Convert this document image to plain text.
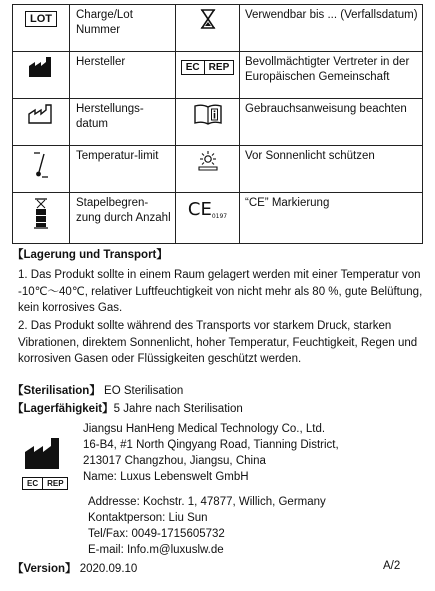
LOT	Charge/Lot Nummer		Verwendbar bis ... (Verfallsdatum)

	Hersteller	EC REP	Bevollmächtigter Vertreter in der Europäischen Gemeinschaft

	Herstellungs-datum		Gebrauchsanweisung beachten

	Temperatur-limit		Vor Sonnenlicht schützen

	Stapelbegren-zung durch Anzahl	CE0197	“CE” Markierung
【Lagerung und Transport】
1. Das Produkt sollte in einem Raum gelagert werden mit einer Temperatur von -10℃～40℃, relativer Luftfeuchtigkeit von nicht mehr als 80 %, gute Belüftung, kein korrosives Gas.
2. Das Produkt sollte während des Transports vor starkem Druck, starken Vibrationen, direktem Sonnenlicht, hoher Temperatur, Feuchtigkeit, Regen und korrosiven Gasen oder Flüssigkeiten geschützt werden.
【Sterilisation】 EO Sterilisation
【Lagerfähigkeit】5 Jahre nach Sterilisation
EC	REP
Jiangsu HanHeng Medical Technology Co., Ltd.
16-B4, #1 North Qingyang Road, Tianning District,
213017 Changzhou, Jiangsu, China
Name: Luxus Lebenswelt GmbH
Addresse: Kochstr. 1, 47877, Willich, Germany
Kontaktperson: Liu Sun
Tel/Fax: 0049-1715605732
E-mail: Info.m@luxuslw.de
【Version】 2020.09.10	A/2
